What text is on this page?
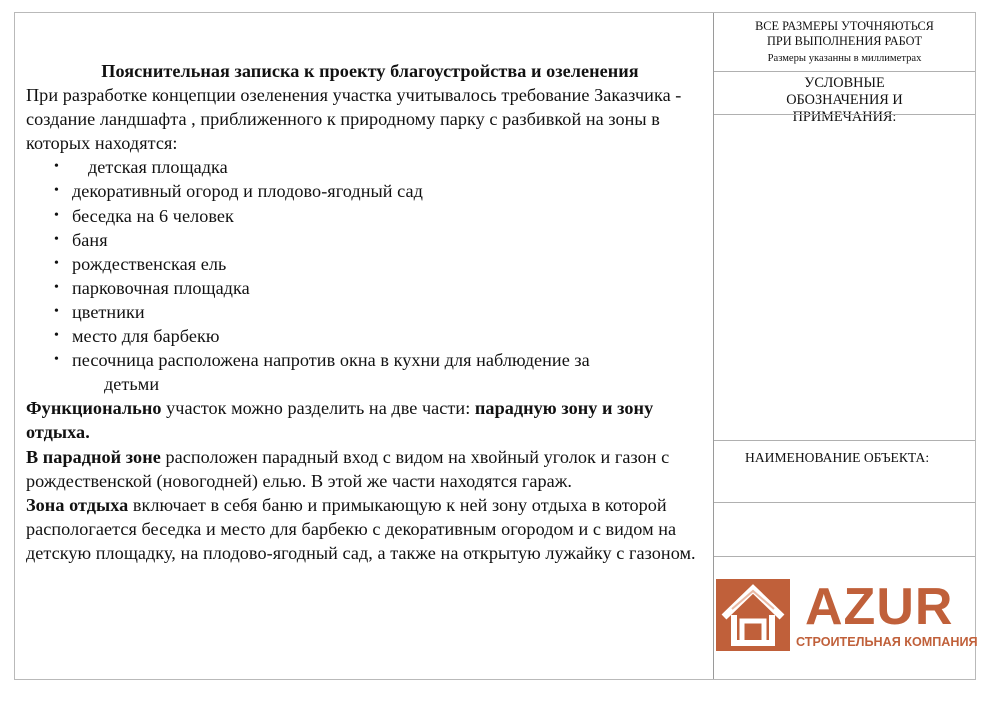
Пояснительная записка к проекту благоустройства и озеленения

При разработке концепции озеленения участка учитывалось требование Заказчика - создание ландшафта , приближенного к природному парку с разбивкой на зоны в которых находятся:

• детская площадка
• декоративный огород и плодово-ягодный сад
• беседка на 6 человек
• баня
• рождественская ель
• парковочная площадка
• цветники
• место для барбекю
• песочница расположена напротив окна в кухни для наблюдение за
детьми

Функционально участок можно разделить на две части: парадную зону и зону отдыха.

В парадной зоне расположен парадный вход с видом на хвойный уголок и газон с рождественской (новогодней) елью. В этой же части находятся гараж.

Зона отдыха включает в себя баню и примыкающую к ней зону отдыха в которой распологается беседка и место для барбекю с декоративным огородом и с видом на детскую площадку, на плодово-ягодный сад, а также на открытую лужайку с газоном.

ВСЕ РАЗМЕРЫ УТОЧНЯЮТЬСЯ ПРИ ВЫПОЛНЕНИЯ РАБОТ
Размеры указанны в миллиметрах
УСЛОВНЫЕ ОБОЗНАЧЕНИЯ И ПРИМЕЧАНИЯ:
НАИМЕНОВАНИЕ ОБЪЕКТА:
AZUR
СТРОИТЕЛЬНАЯ КОМПАНИЯ
